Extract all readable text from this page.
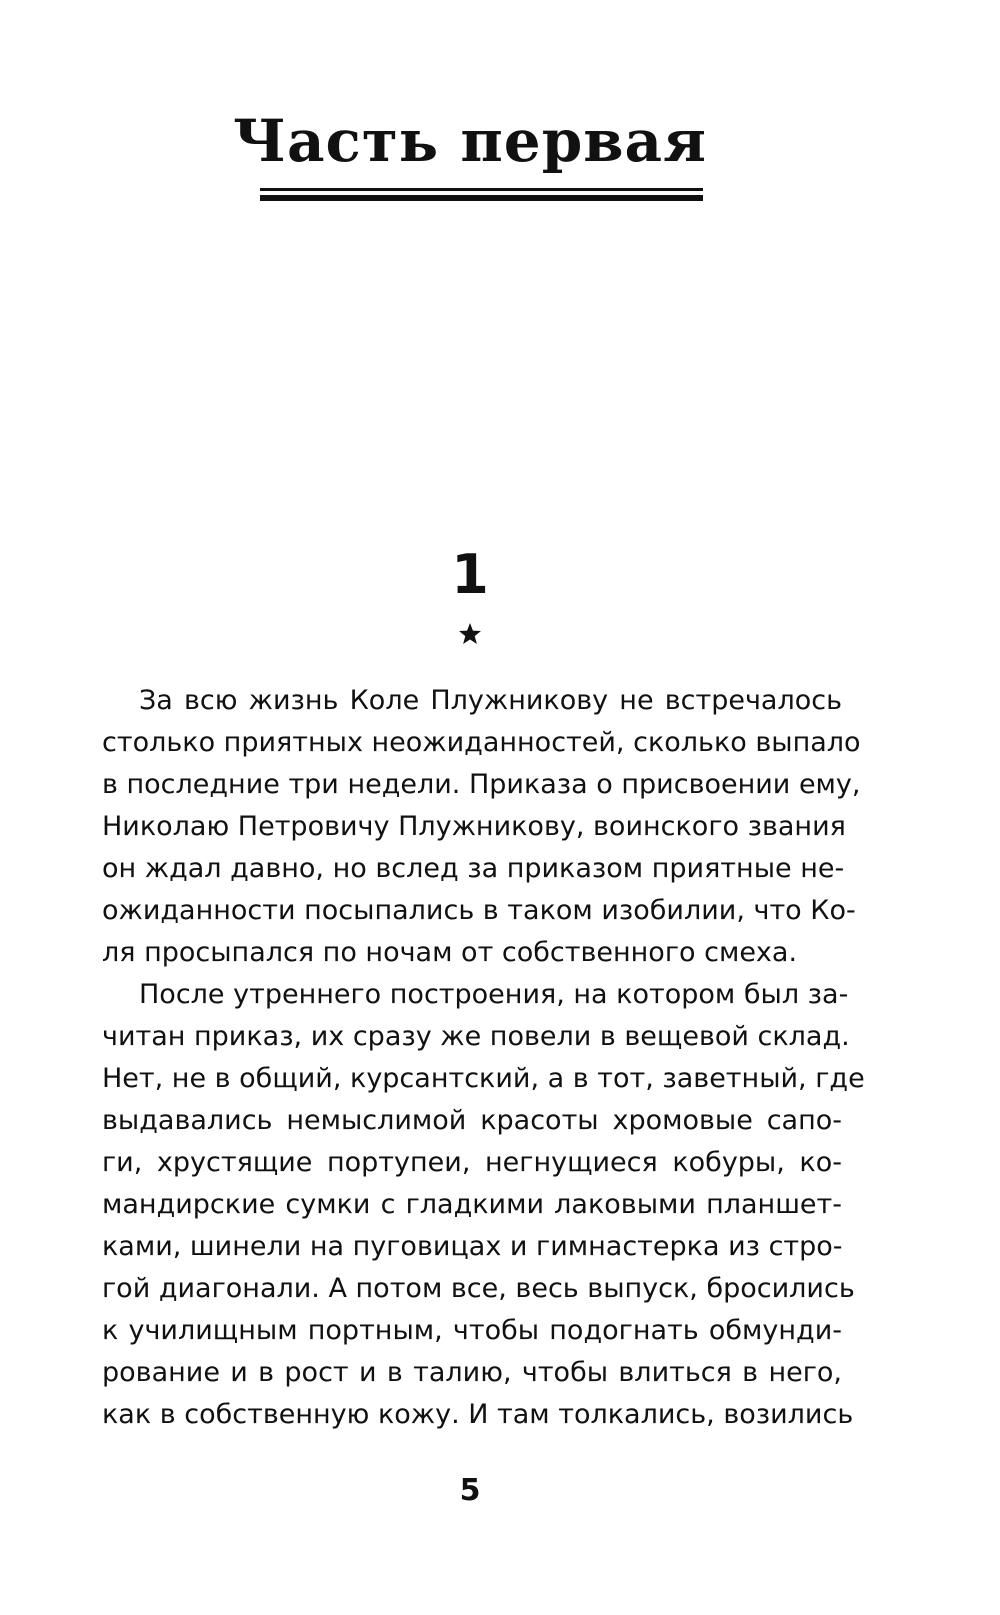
Часть первая
1
За всю жизнь Коле Плужникову не встречалось
столько приятных неожиданностей, сколько выпало
в последние три недели. Приказа о присвоении ему,
Николаю Петровичу Плужникову, воинского звания
он ждал давно, но вслед за приказом приятные не-
ожиданности посыпались в таком изобилии, что Ко-
ля просыпался по ночам от собственного смеха.
После утреннего построения, на котором был за-
читан приказ, их сразу же повели в вещевой склад.
Нет, не в общий, курсантский, а в тот, заветный, где
выдавались немыслимой красоты хромовые сапо-
ги, хрустящие портупеи, негнущиеся кобуры, ко-
мандирские сумки с гладкими лаковыми планшет-
ками, шинели на пуговицах и гимнастерка из стро-
гой диагонали. А потом все, весь выпуск, бросились
к училищным портным, чтобы подогнать обмунди-
рование и в рост и в талию, чтобы влиться в него,
как в собственную кожу. И там толкались, возились
5
